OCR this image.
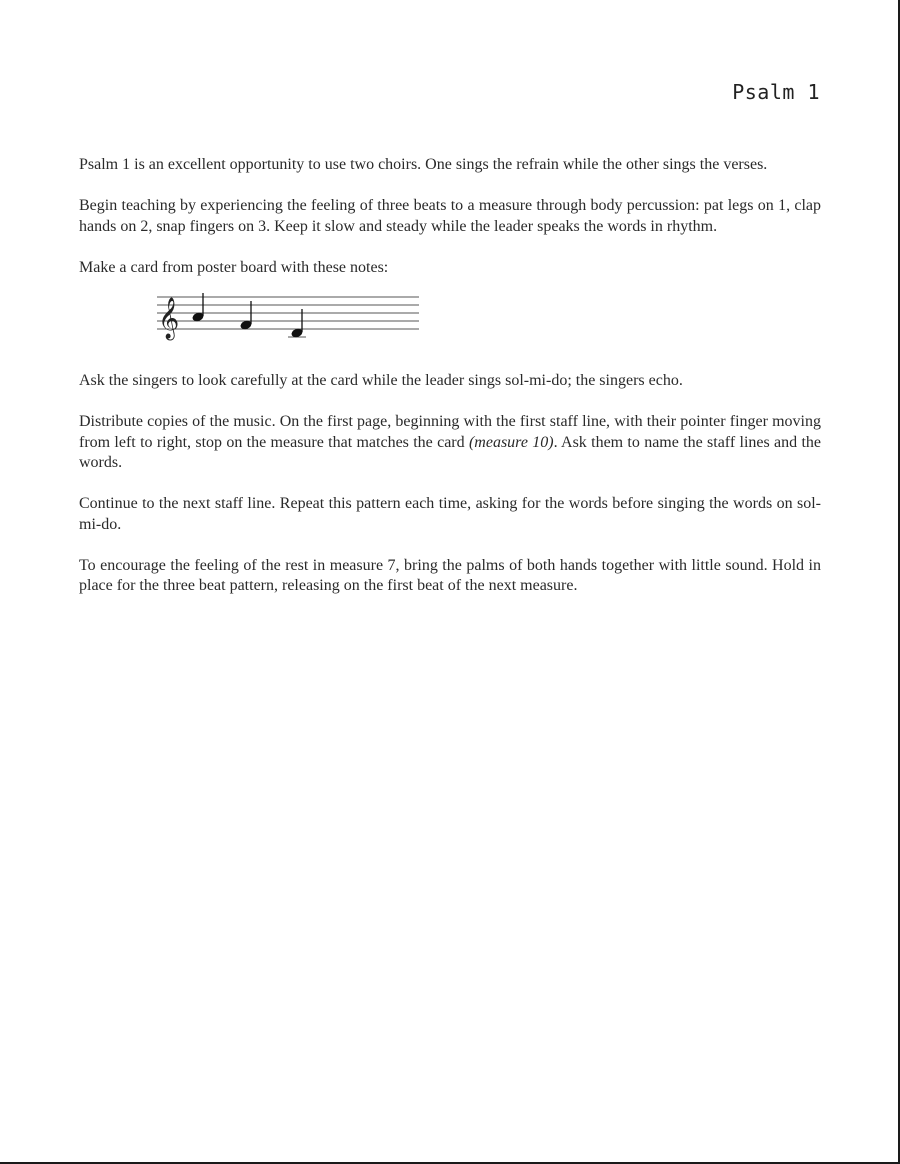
Psalm 1

Psalm 1 is an excellent opportunity to use two choirs. One sings the refrain while the other sings the verses.

Begin teaching by experiencing the feeling of three beats to a measure through body percussion: pat legs on 1, clap hands on 2, snap fingers on 3. Keep it slow and steady while the leader speaks the words in rhythm.

Make a card from poster board with these notes:

𝄞

Ask the singers to look carefully at the card while the leader sings sol-mi-do; the singers echo.

Distribute copies of the music. On the first page, beginning with the first staff line, with their pointer finger moving from left to right, stop on the measure that matches the card (measure 10). Ask them to name the staff lines and the words.

Continue to the next staff line. Repeat this pattern each time, asking for the words before singing the words on sol-mi-do.

To encourage the feeling of the rest in measure 7, bring the palms of both hands together with little sound. Hold in place for the three beat pattern, releasing on the first beat of the next measure.
